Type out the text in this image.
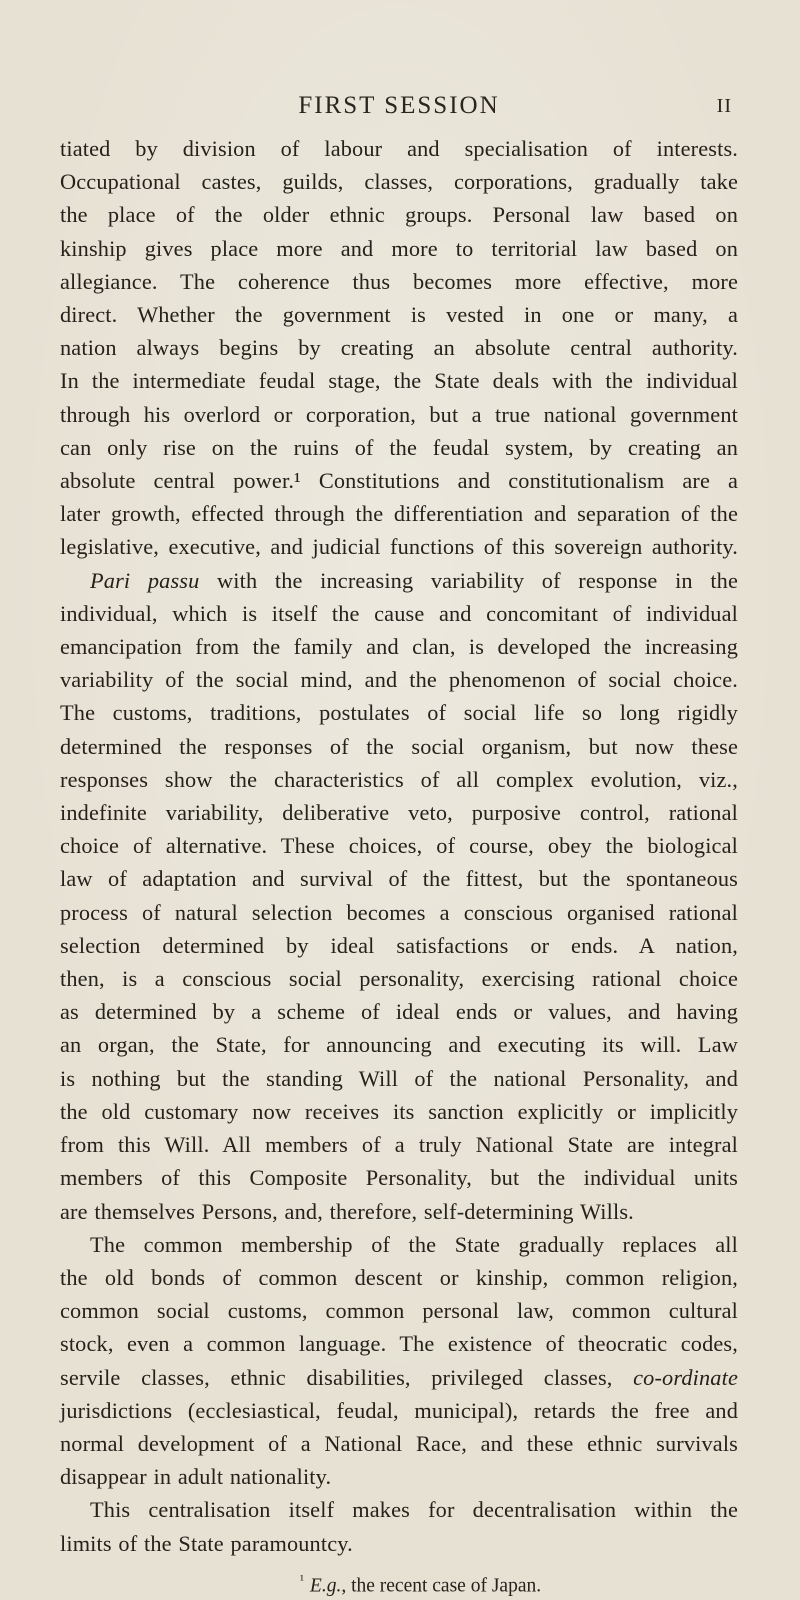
FIRST SESSION	II
tiated by division of labour and specialisation of interests.
Occupational castes, guilds, classes, corporations, gradually take
the place of the older ethnic groups. Personal law based on
kinship gives place more and more to territorial law based on
allegiance. The coherence thus becomes more effective, more
direct. Whether the government is vested in one or many, a
nation always begins by creating an absolute central authority.
In the intermediate feudal stage, the State deals with the individual
through his overlord or corporation, but a true national government
can only rise on the ruins of the feudal system, by creating an
absolute central power.¹ Constitutions and constitutionalism are a
later growth, effected through the differentiation and separation of the
legislative, executive, and judicial functions of this sovereign authority.
Pari passu with the increasing variability of response in the
individual, which is itself the cause and concomitant of individual
emancipation from the family and clan, is developed the increasing
variability of the social mind, and the phenomenon of social choice.
The customs, traditions, postulates of social life so long rigidly
determined the responses of the social organism, but now these
responses show the characteristics of all complex evolution, viz.,
indefinite variability, deliberative veto, purposive control, rational
choice of alternative. These choices, of course, obey the biological
law of adaptation and survival of the fittest, but the spontaneous
process of natural selection becomes a conscious organised rational
selection determined by ideal satisfactions or ends. A nation,
then, is a conscious social personality, exercising rational choice
as determined by a scheme of ideal ends or values, and having
an organ, the State, for announcing and executing its will. Law
is nothing but the standing Will of the national Personality, and
the old customary now receives its sanction explicitly or implicitly
from this Will. All members of a truly National State are integral
members of this Composite Personality, but the individual units
are themselves Persons, and, therefore, self-determining Wills.
The common membership of the State gradually replaces all
the old bonds of common descent or kinship, common religion,
common social customs, common personal law, common cultural
stock, even a common language. The existence of theocratic codes,
servile classes, ethnic disabilities, privileged classes, co-ordinate
jurisdictions (ecclesiastical, feudal, municipal), retards the free and
normal development of a National Race, and these ethnic survivals
disappear in adult nationality.
This centralisation itself makes for decentralisation within the
limits of the State paramountcy.
$^{^1}$ E.g., the recent case of Japan.
